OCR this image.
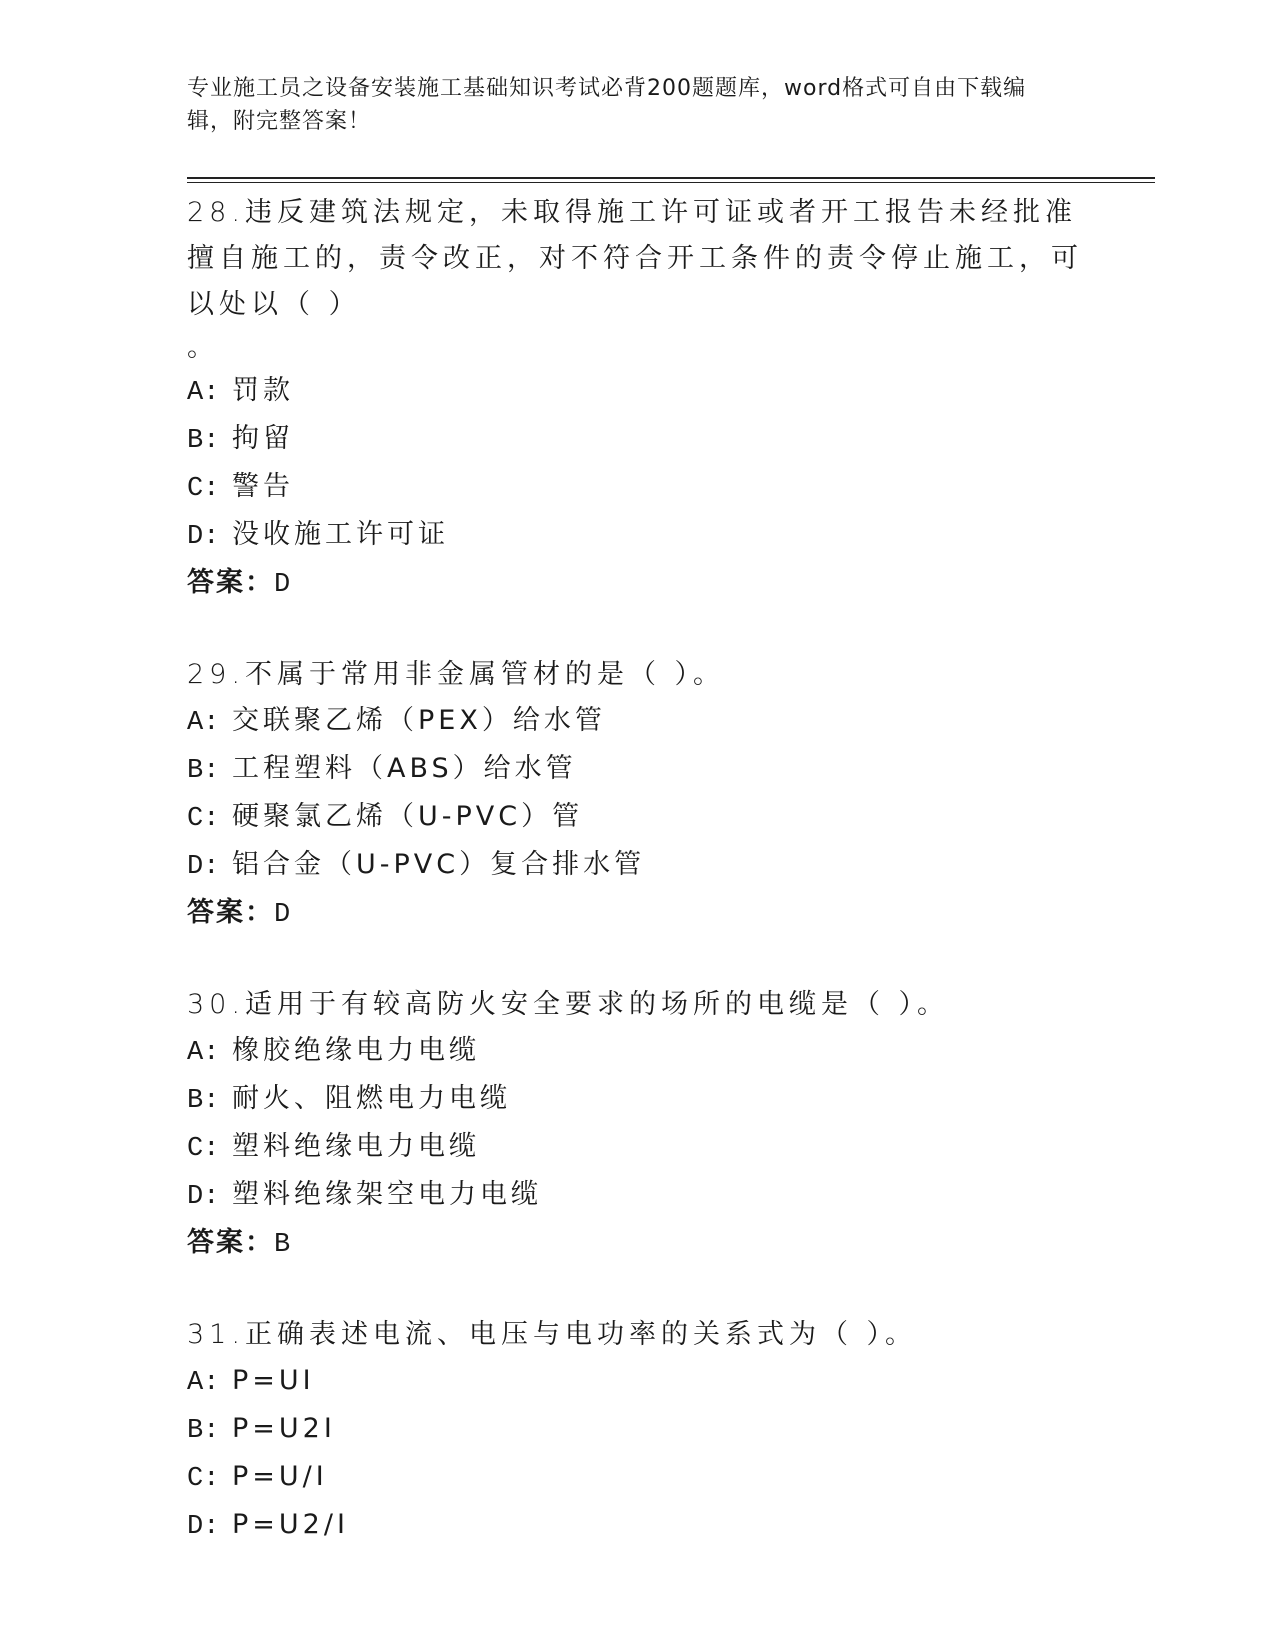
专业施工员之设备安装施工基础知识考试必背200题题库，word格式可自由下载编辑，附完整答案！
28.违反建筑法规定，未取得施工许可证或者开工报告未经批准擅自施工的，责令改正，对不符合开工条件的责令停止施工，可以处以（ ）
。
A: 罚款
B: 拘留
C: 警告
D: 没收施工许可证
答案：D
29.不属于常用非金属管材的是（ ）。
A: 交联聚乙烯（PEX）给水管
B: 工程塑料（ABS）给水管
C: 硬聚氯乙烯（U-PVC）管
D: 铝合金（U-PVC）复合排水管
答案：D
30.适用于有较高防火安全要求的场所的电缆是（ ）。
A: 橡胶绝缘电力电缆
B: 耐火、阻燃电力电缆
C: 塑料绝缘电力电缆
D: 塑料绝缘架空电力电缆
答案：B
31.正确表述电流、电压与电功率的关系式为（ ）。
A: P=UI
B: P=U2I
C: P=U/I
D: P=U2/I
